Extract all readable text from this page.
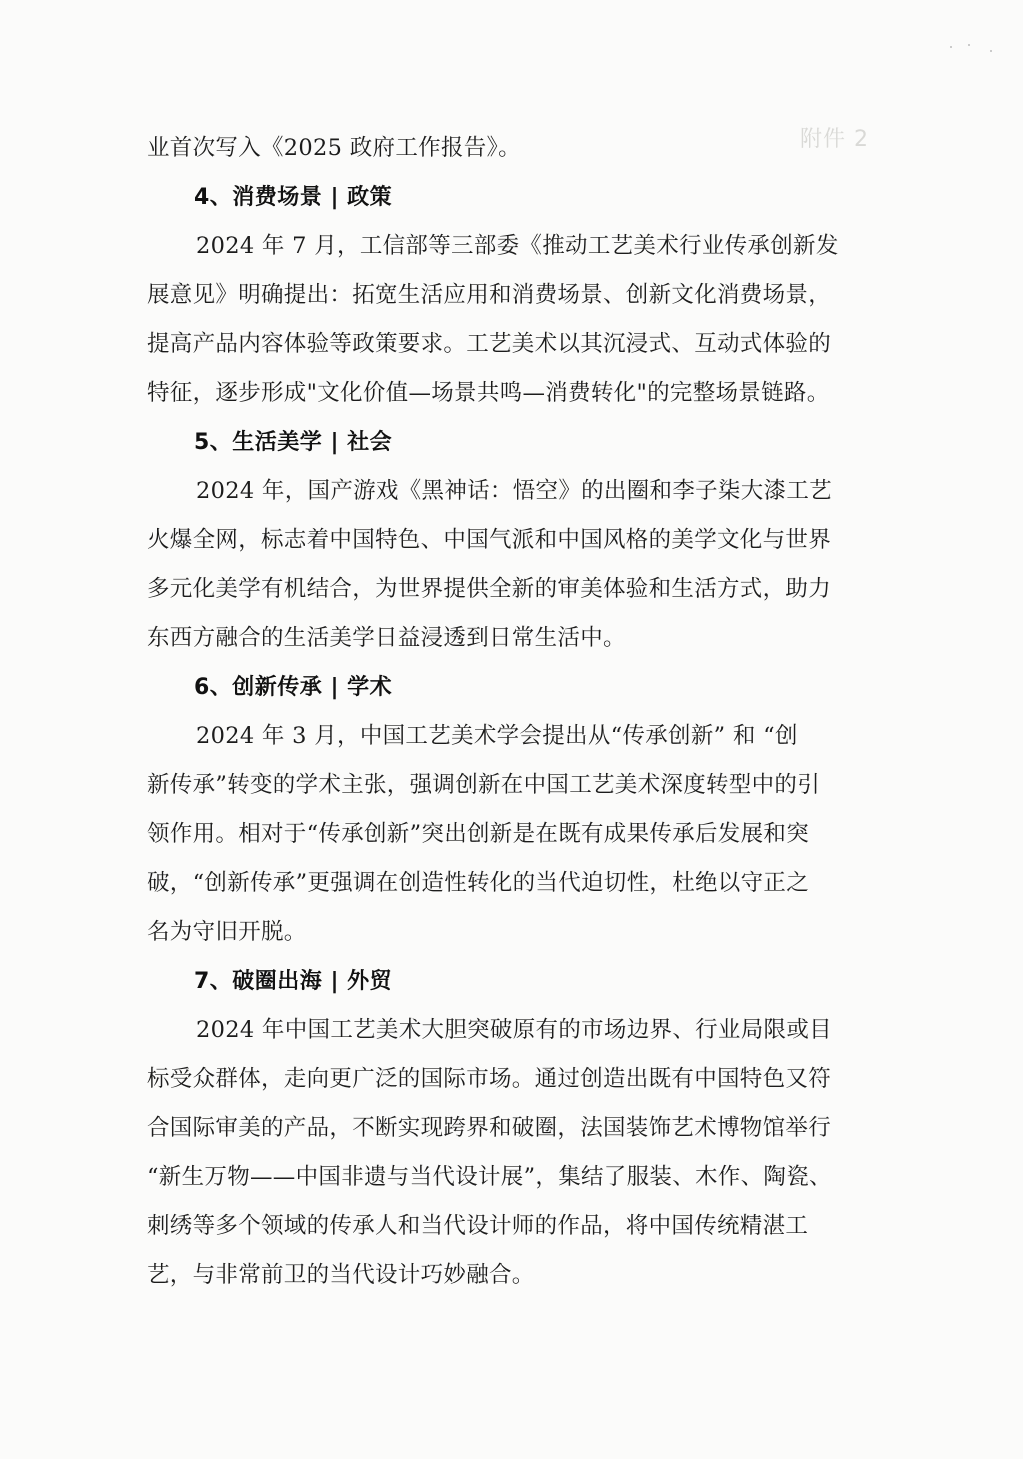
附件 2
业首次写入《2025 政府工作报告》。
4、消费场景 | 政策
2024 年 7 月，工信部等三部委《推动工艺美术行业传承创新发
展意见》明确提出：拓宽生活应用和消费场景、创新文化消费场景，
提高产品内容体验等政策要求。工艺美术以其沉浸式、互动式体验的
特征，逐步形成"文化价值—场景共鸣—消费转化"的完整场景链路。
5、生活美学 | 社会
2024 年，国产游戏《黑神话：悟空》的出圈和李子柒大漆工艺
火爆全网，标志着中国特色、中国气派和中国风格的美学文化与世界
多元化美学有机结合，为世界提供全新的审美体验和生活方式，助力
东西方融合的生活美学日益浸透到日常生活中。
6、创新传承 | 学术
2024 年 3 月，中国工艺美术学会提出从“传承创新” 和 “创
新传承”转变的学术主张，强调创新在中国工艺美术深度转型中的引
领作用。相对于“传承创新”突出创新是在既有成果传承后发展和突
破，“创新传承”更强调在创造性转化的当代迫切性，杜绝以守正之
名为守旧开脱。
7、破圈出海 | 外贸
2024 年中国工艺美术大胆突破原有的市场边界、行业局限或目
标受众群体，走向更广泛的国际市场。通过创造出既有中国特色又符
合国际审美的产品，不断实现跨界和破圈，法国装饰艺术博物馆举行
“新生万物——中国非遗与当代设计展”，集结了服装、木作、陶瓷、
刺绣等多个领域的传承人和当代设计师的作品，将中国传统精湛工
艺，与非常前卫的当代设计巧妙融合。
